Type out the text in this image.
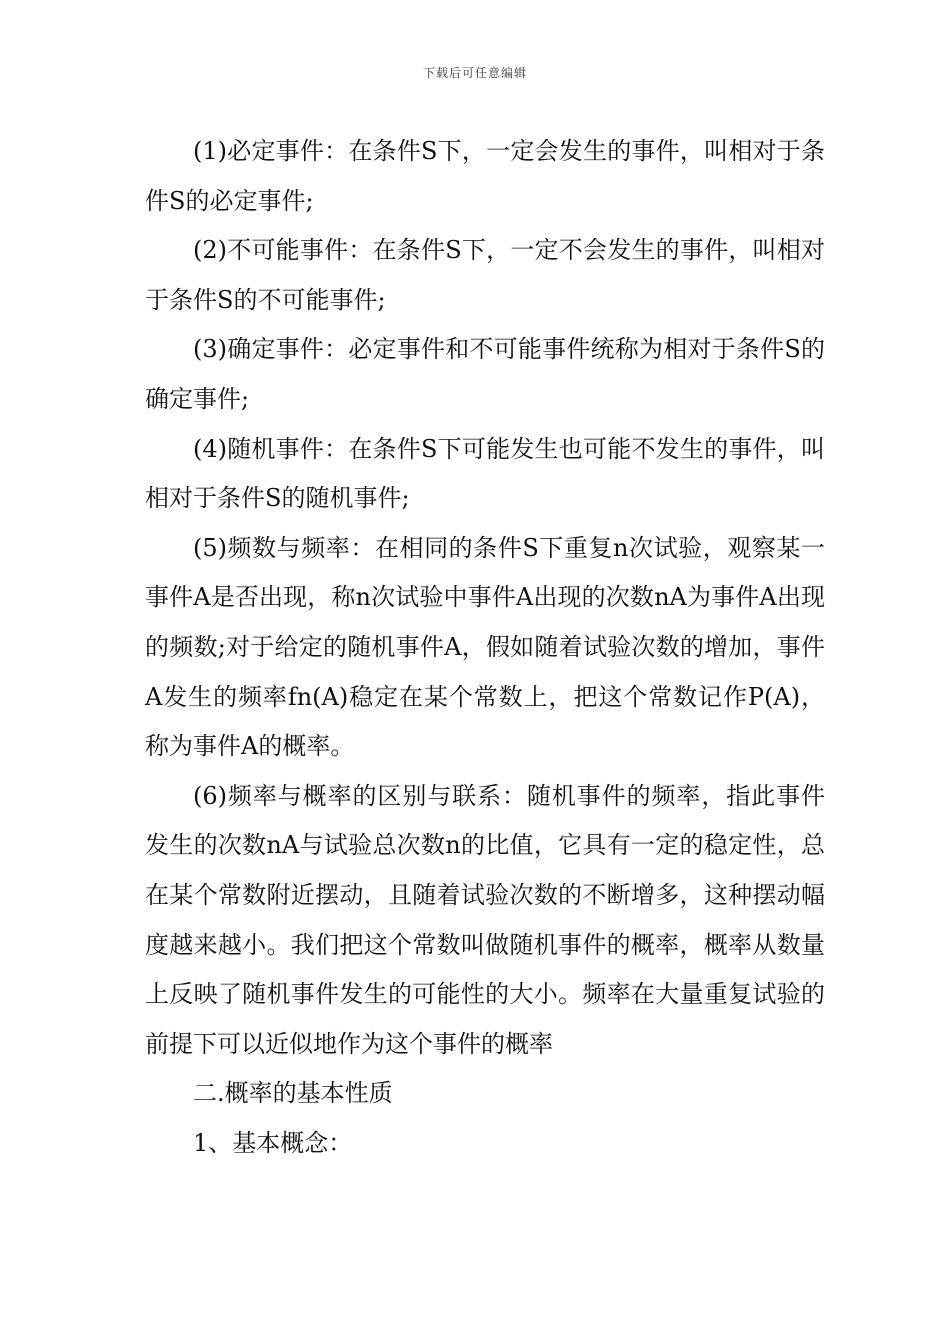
下载后可任意编辑

(1)必定事件：在条件S下，一定会发生的事件，叫相对于条件S的必定事件;

(2)不可能事件：在条件S下，一定不会发生的事件，叫相对于条件S的不可能事件;

(3)确定事件：必定事件和不可能事件统称为相对于条件S的确定事件;

(4)随机事件：在条件S下可能发生也可能不发生的事件，叫相对于条件S的随机事件;

(5)频数与频率：在相同的条件S下重复n次试验，观察某一事件A是否出现，称n次试验中事件A出现的次数nA为事件A出现的频数;对于给定的随机事件A，假如随着试验次数的增加，事件A发生的频率fn(A)稳定在某个常数上，把这个常数记作P(A)，称为事件A的概率。

(6)频率与概率的区别与联系：随机事件的频率，指此事件发生的次数nA与试验总次数n的比值，它具有一定的稳定性，总在某个常数附近摆动，且随着试验次数的不断增多，这种摆动幅度越来越小。我们把这个常数叫做随机事件的概率，概率从数量上反映了随机事件发生的可能性的大小。频率在大量重复试验的前提下可以近似地作为这个事件的概率

二.概率的基本性质

1、基本概念：
